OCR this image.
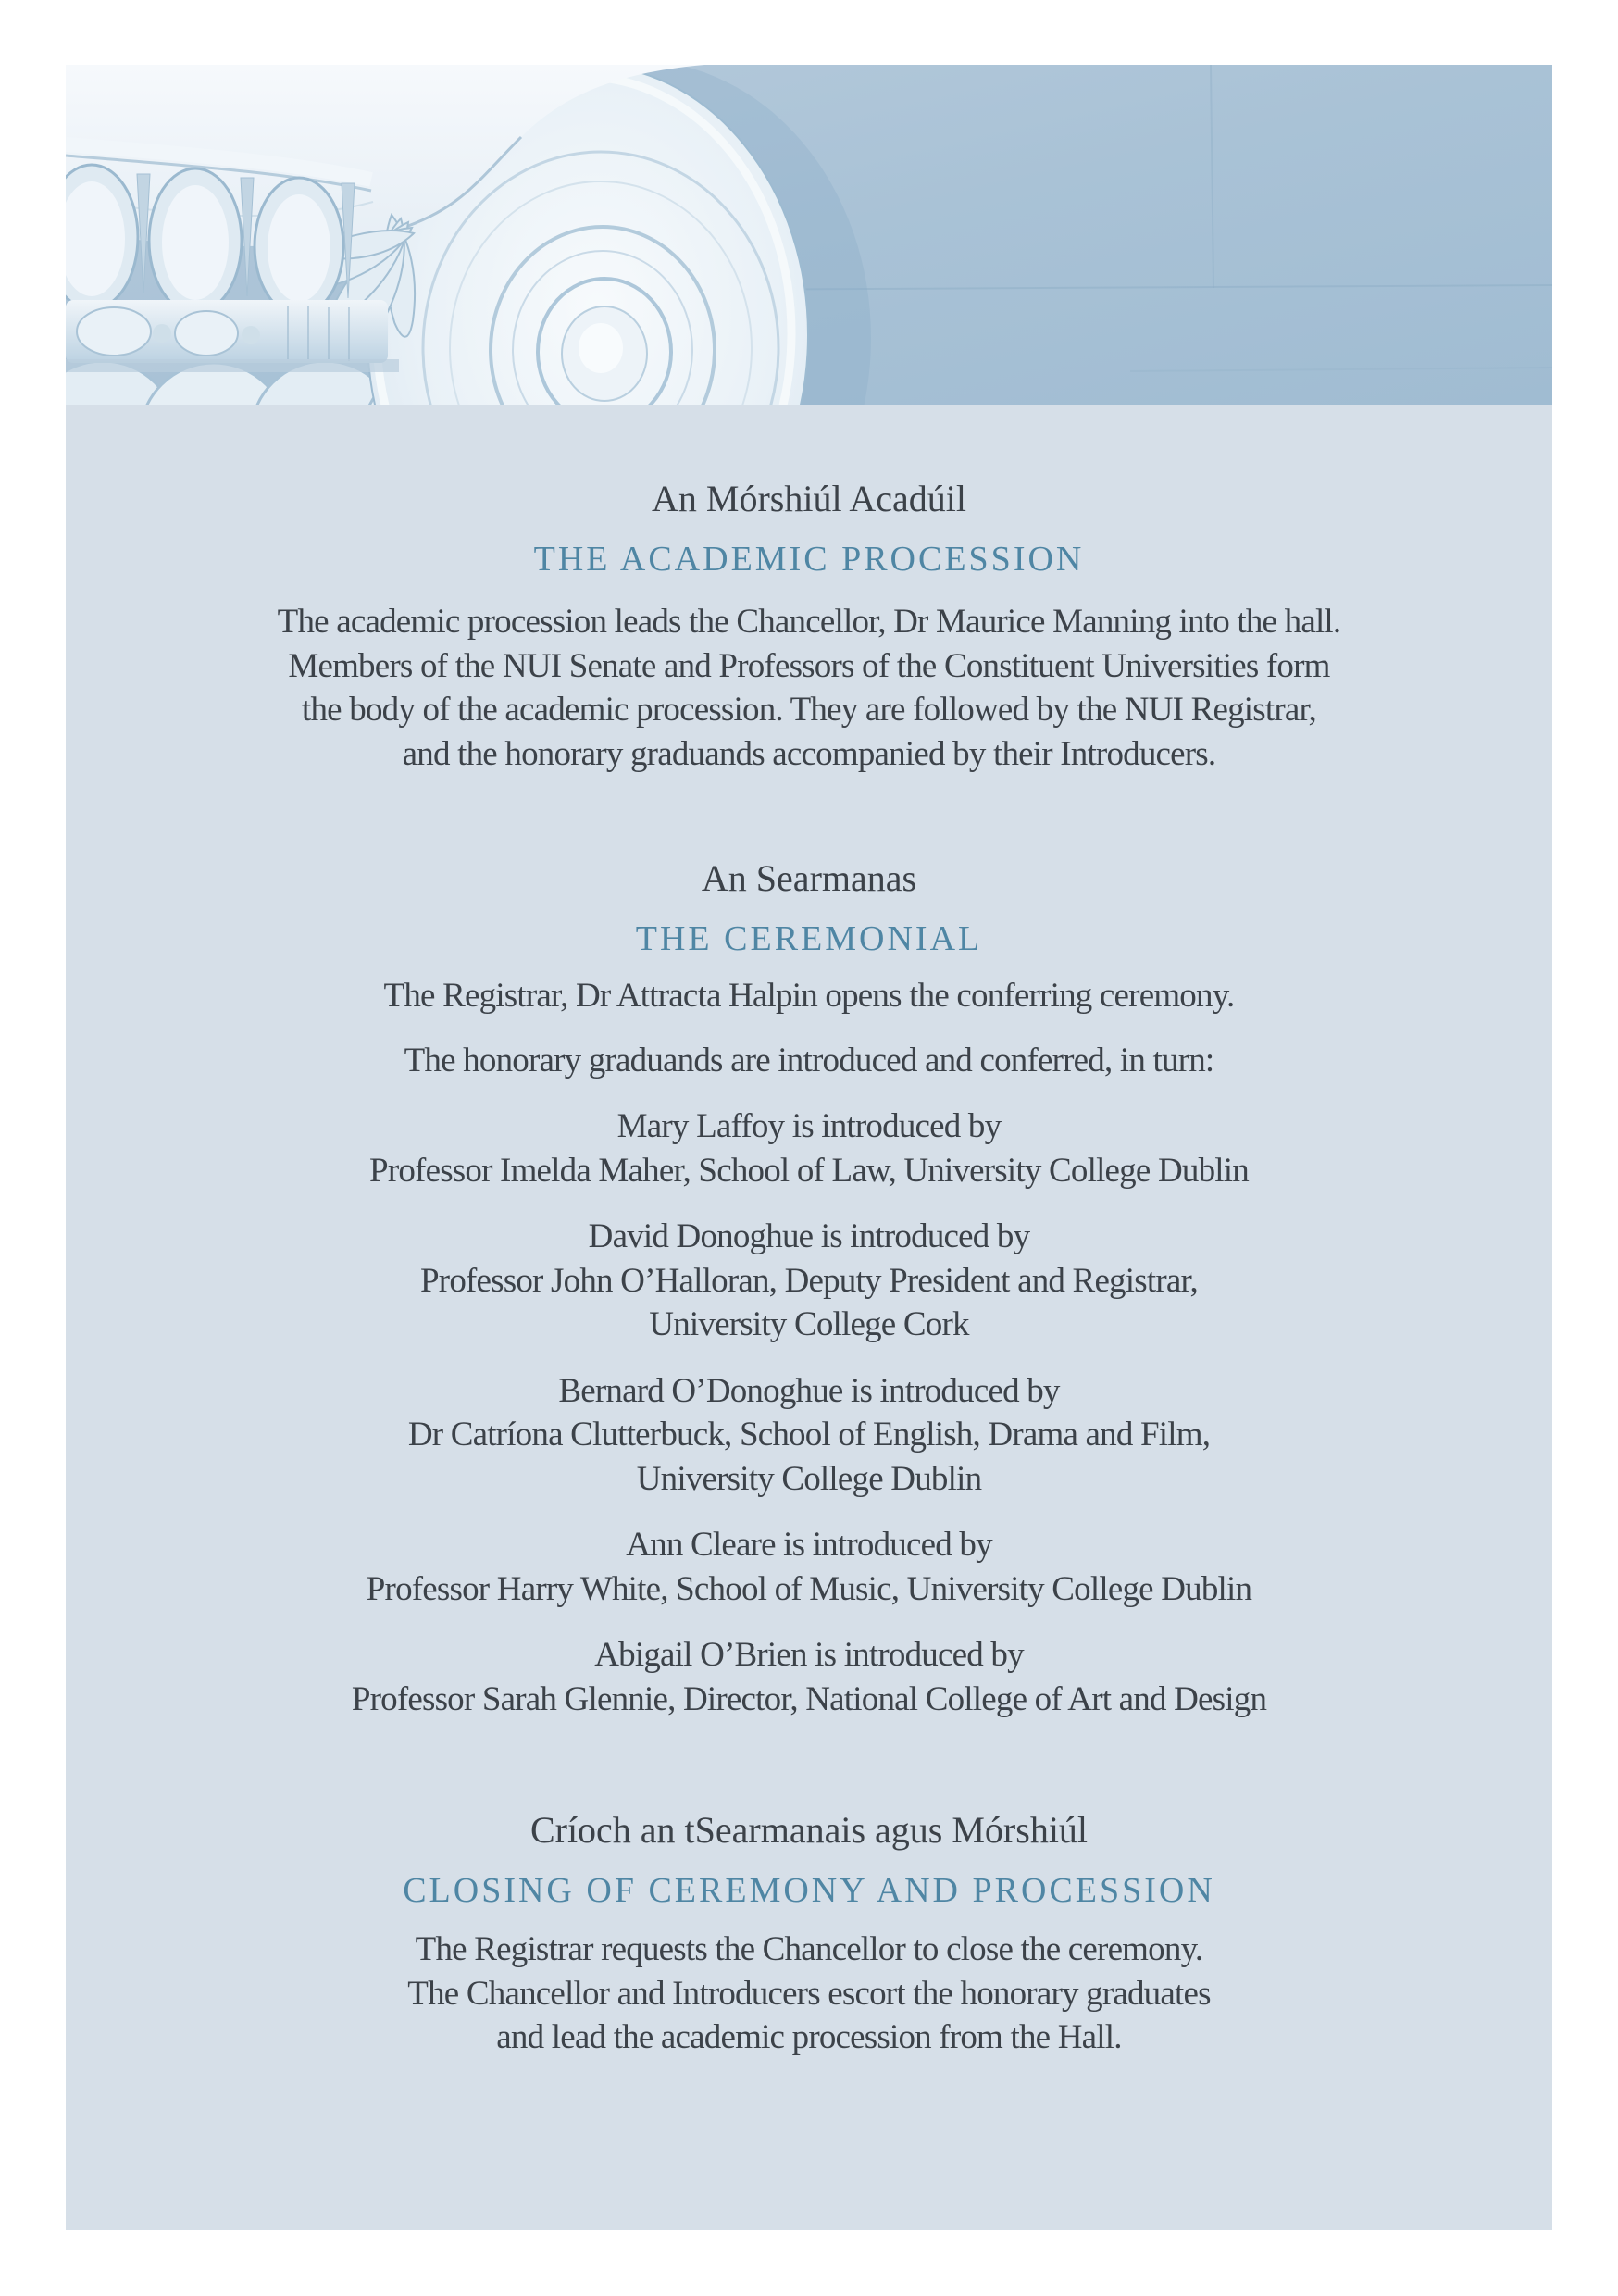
An Mórshiúl Acadúil
THE ACADEMIC PROCESSION

The academic procession leads the Chancellor, Dr Maurice Manning into the hall.

Members of the NUI Senate and Professors of the Constituent Universities form

the body of the academic procession. They are followed by the NUI Registrar,

and the honorary graduands accompanied by their Introducers.

An Searmanas
THE CEREMONIAL

The Registrar, Dr Attracta Halpin opens the conferring ceremony.

The honorary graduands are introduced and conferred, in turn:

Mary Laffoy is introduced by

Professor Imelda Maher, School of Law, University College Dublin

David Donoghue is introduced by

Professor John O’Halloran, Deputy President and Registrar,

University College Cork

Bernard O’Donoghue is introduced by

Dr Catríona Clutterbuck, School of English, Drama and Film,

University College Dublin

Ann Cleare is introduced by

Professor Harry White, School of Music, University College Dublin

Abigail O’Brien is introduced by

Professor Sarah Glennie, Director, National College of Art and Design

Críoch an tSearmanais agus Mórshiúl
CLOSING OF CEREMONY AND PROCESSION

The Registrar requests the Chancellor to close the ceremony.

The Chancellor and Introducers escort the honorary graduates

and lead the academic procession from the Hall.
